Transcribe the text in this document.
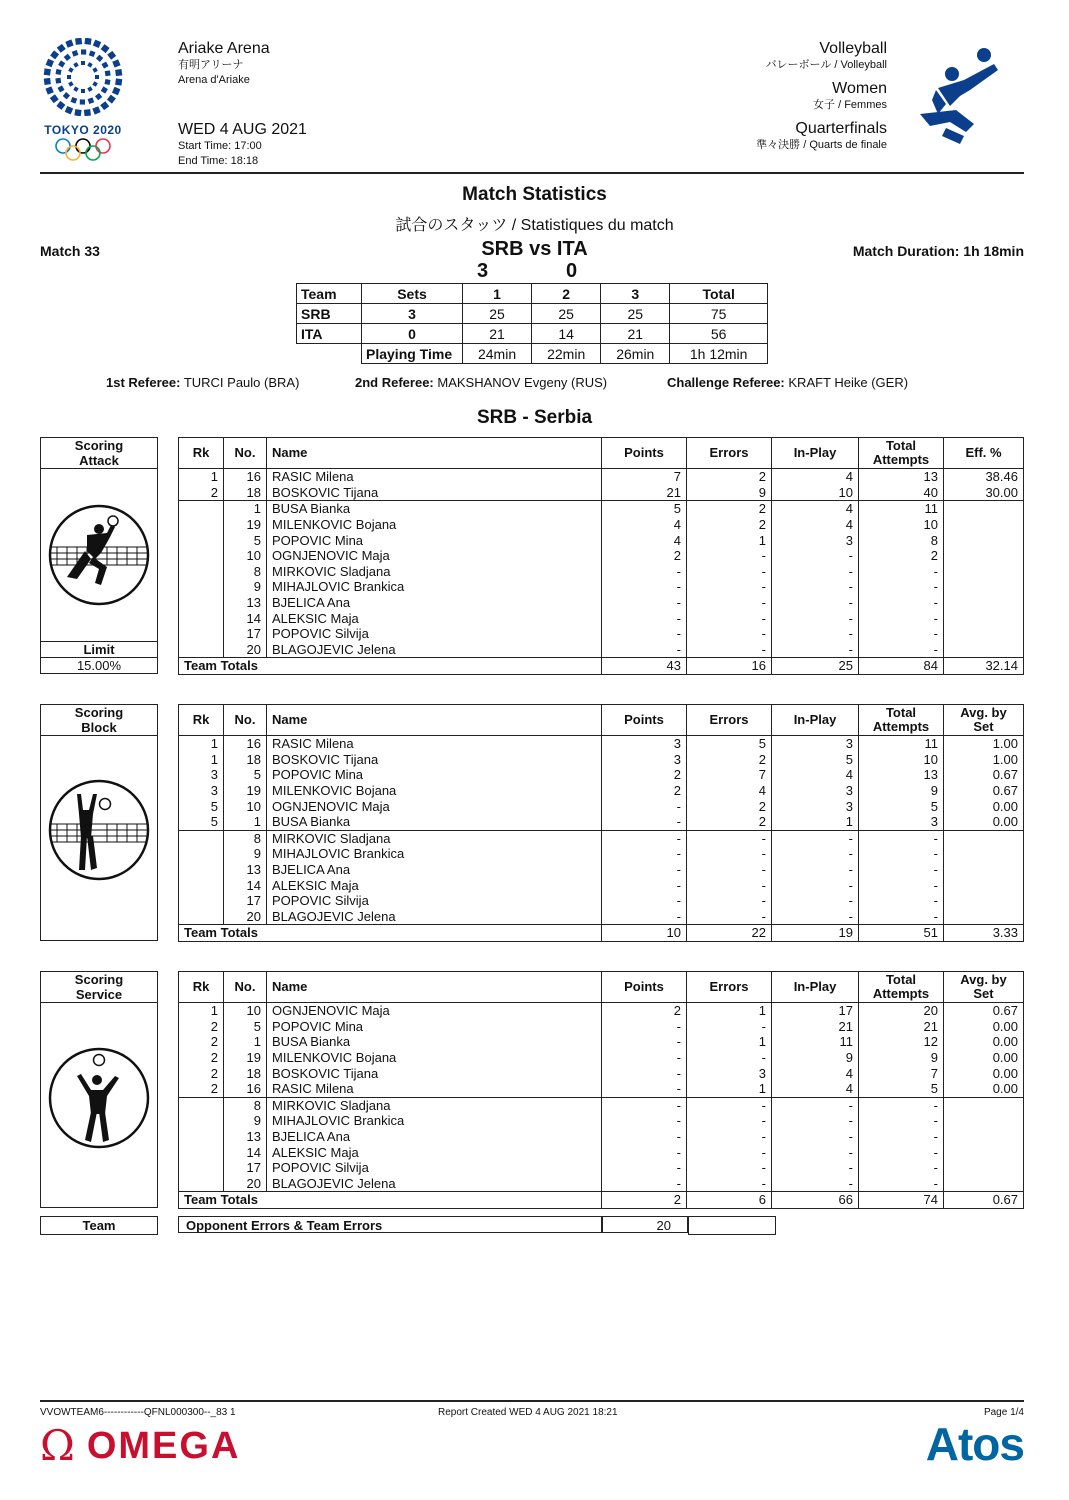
TOKYO 2020
Ariake Arena
有明アリーナ
Arena d'Ariake
WED 4 AUG 2021
Start Time: 17:00
End Time: 18:18
Volleyball
バレーボール / Volleyball
Women
女子 / Femmes
Quarterfinals
準々決勝 / Quarts de finale
Match Statistics
試合のスタッツ / Statistiques du match
Match 33	SRB vs ITA
3	0
Match Duration: 1h 18min
Team	Sets	1	2	3	Total
SRB	3	25	25	25	75
ITA	0	21	14	21	56
	Playing Time	24min	22min	26min	1h 12min
1st Referee: TURCI Paulo (BRA)	2nd Referee: MAKSHANOV Evgeny (RUS)	Challenge Referee: KRAFT Heike (GER)
SRB - Serbia
Scoring
Attack
Limit
15.00%
Rk	No.	Name	Points	Errors	In-Play	Total Attempts	Eff. %
1	16	RASIC Milena	7	2	4	13	38.46
2	18	BOSKOVIC Tijana	21	9	10	40	30.00
	1	BUSA Bianka	5	2	4	11	
	19	MILENKOVIC Bojana	4	2	4	10	
	5	POPOVIC Mina	4	1	3	8	
	10	OGNJENOVIC Maja	2	-	-	2	
	8	MIRKOVIC Sladjana	-	-	-	-	
	9	MIHAJLOVIC Brankica	-	-	-	-	
	13	BJELICA Ana	-	-	-	-	
	14	ALEKSIC Maja	-	-	-	-	
	17	POPOVIC Silvija	-	-	-	-	
	20	BLAGOJEVIC Jelena	-	-	-	-	
Team Totals			43	16	25	84	32.14
Scoring
Block
Rk	No.	Name	Points	Errors	In-Play	Total Attempts	Avg. by Set
1	16	RASIC Milena	3	5	3	11	1.00
1	18	BOSKOVIC Tijana	3	2	5	10	1.00
3	5	POPOVIC Mina	2	7	4	13	0.67
3	19	MILENKOVIC Bojana	2	4	3	9	0.67
5	10	OGNJENOVIC Maja	-	2	3	5	0.00
5	1	BUSA Bianka	-	2	1	3	0.00
	8	MIRKOVIC Sladjana	-	-	-	-	
	9	MIHAJLOVIC Brankica	-	-	-	-	
	13	BJELICA Ana	-	-	-	-	
	14	ALEKSIC Maja	-	-	-	-	
	17	POPOVIC Silvija	-	-	-	-	
	20	BLAGOJEVIC Jelena	-	-	-	-	
Team Totals			10	22	19	51	3.33
Scoring
Service
Rk	No.	Name	Points	Errors	In-Play	Total Attempts	Avg. by Set
1	10	OGNJENOVIC Maja	2	1	17	20	0.67
2	5	POPOVIC Mina	-	-	21	21	0.00
2	1	BUSA Bianka	-	1	11	12	0.00
2	19	MILENKOVIC Bojana	-	-	9	9	0.00
2	18	BOSKOVIC Tijana	-	3	4	7	0.00
2	16	RASIC Milena	-	1	4	5	0.00
	8	MIRKOVIC Sladjana	-	-	-	-	
	9	MIHAJLOVIC Brankica	-	-	-	-	
	13	BJELICA Ana	-	-	-	-	
	14	ALEKSIC Maja	-	-	-	-	
	17	POPOVIC Silvija	-	-	-	-	
	20	BLAGOJEVIC Jelena	-	-	-	-	
Team Totals			2	6	66	74	0.67
Team	Opponent Errors & Team Errors	20
VVOWTEAM6------------QFNL000300--_83 1	Report Created WED 4 AUG 2021 18:21	Page 1/4
Ω OMEGA	Atos
